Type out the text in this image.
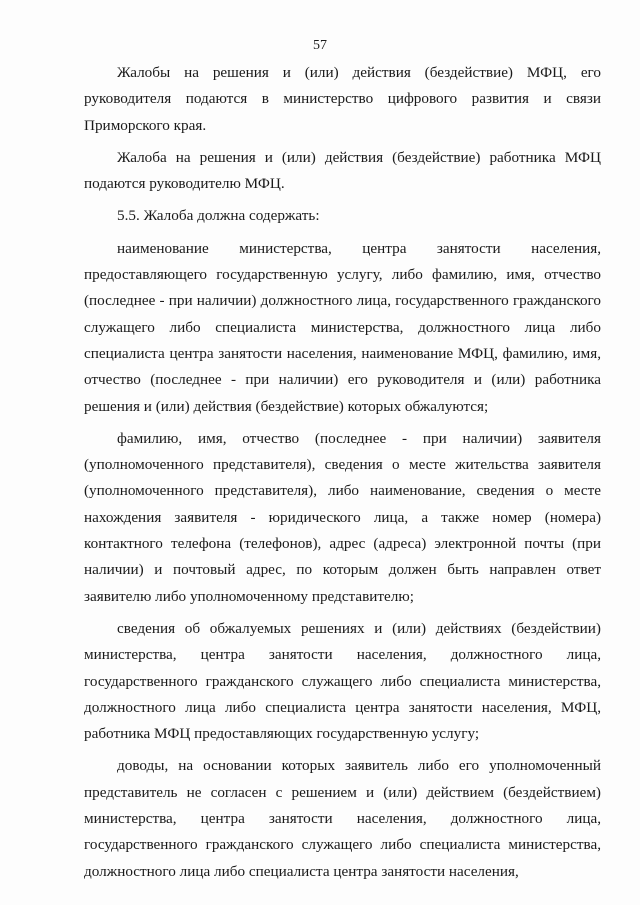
57

Жалобы на решения и (или) действия (бездействие) МФЦ, его руководителя подаются в министерство цифрового развития и связи Приморского края.

Жалоба на решения и (или) действия (бездействие) работника МФЦ подаются руководителю МФЦ.

5.5. Жалоба должна содержать:

наименование министерства, центра занятости населения, предоставляющего государственную услугу, либо фамилию, имя, отчество (последнее - при наличии) должностного лица, государственного гражданского служащего либо специалиста министерства, должностного лица либо специалиста центра занятости населения, наименование МФЦ, фамилию, имя, отчество (последнее - при наличии) его руководителя и (или) работника решения и (или) действия (бездействие) которых обжалуются;

фамилию, имя, отчество (последнее - при наличии) заявителя (уполномоченного представителя), сведения о месте жительства заявителя (уполномоченного представителя), либо наименование, сведения о месте нахождения заявителя - юридического лица, а также номер (номера) контактного телефона (телефонов), адрес (адреса) электронной почты (при наличии) и почтовый адрес, по которым должен быть направлен ответ заявителю либо уполномоченному представителю;

сведения об обжалуемых решениях и (или) действиях (бездействии) министерства, центра занятости населения, должностного лица, государственного гражданского служащего либо специалиста министерства, должностного лица либо специалиста центра занятости населения, МФЦ, работника МФЦ предоставляющих государственную услугу;

доводы, на основании которых заявитель либо его уполномоченный представитель не согласен с решением и (или) действием (бездействием) министерства, центра занятости населения, должностного лица, государственного гражданского служащего либо специалиста министерства, должностного лица либо специалиста центра занятости населения,
